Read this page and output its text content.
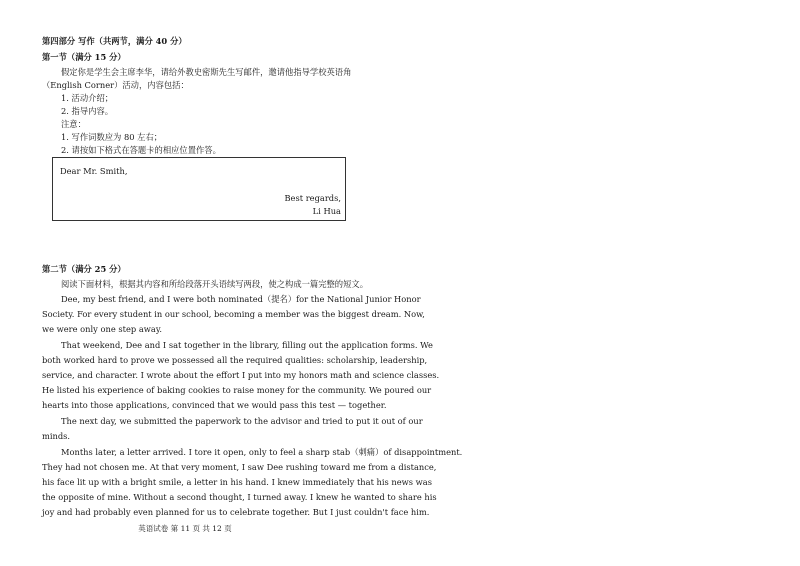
第四部分 写作（共两节，满分 40 分）
第一节（满分 15 分）
假定你是学生会主席李华，请给外教史密斯先生写邮件，邀请他指导学校英语角
（English Corner）活动，内容包括：
1. 活动介绍；
2. 指导内容。
注意：
1. 写作词数应为 80 左右；
2. 请按如下格式在答题卡的相应位置作答。
Dear Mr. Smith,
Best regards,
Li Hua
第二节（满分 25 分）
阅读下面材料，根据其内容和所给段落开头语续写两段，使之构成一篇完整的短文。
Dee, my best friend, and I were both nominated（提名）for the National Junior Honor
Society. For every student in our school, becoming a member was the biggest dream. Now,
we were only one step away.
That weekend, Dee and I sat together in the library, filling out the application forms. We
both worked hard to prove we possessed all the required qualities: scholarship, leadership,
service, and character. I wrote about the effort I put into my honors math and science classes.
He listed his experience of baking cookies to raise money for the community. We poured our
hearts into those applications, convinced that we would pass this test — together.
The next day, we submitted the paperwork to the advisor and tried to put it out of our
minds.
Months later, a letter arrived. I tore it open, only to feel a sharp stab（刺痛）of disappointment.
They had not chosen me. At that very moment, I saw Dee rushing toward me from a distance,
his face lit up with a bright smile, a letter in his hand. I knew immediately that his news was
the opposite of mine. Without a second thought, I turned away. I knew he wanted to share his
joy and had probably even planned for us to celebrate together. But I just couldn't face him.
英语试卷 第 11 页 共 12 页
